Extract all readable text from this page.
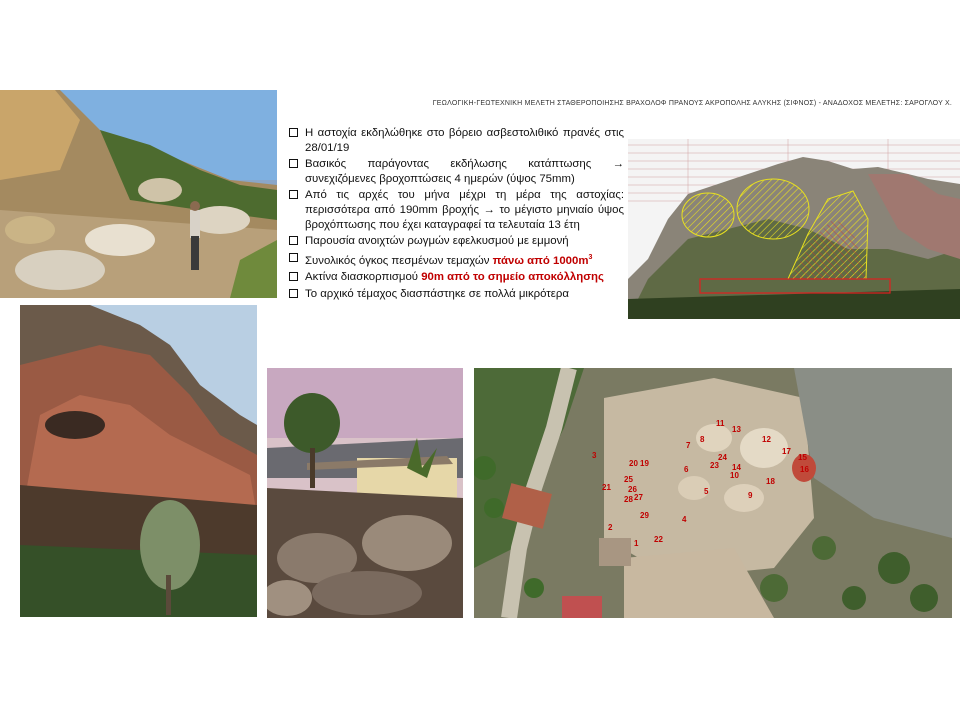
ΓΕΩΛΟΓΙΚΗ-ΓΕΩΤΕΧΝΙΚΗ ΜΕΛΕΤΗ ΣΤΑΘΕΡΟΠΟΙΗΣΗΣ ΒΡΑΧΟΛΟΦ ΠΡΑΝΟΥΣ ΑΚΡΟΠΟΛΗΣ ΑΛΥΚΗΣ (ΣΙΦΝΟΣ) - ΑΝΑΔΟΧΟΣ ΜΕΛΕΤΗΣ: ΣΑΡΟΓΛΟΥ Χ.
Η αστοχία εκδηλώθηκε στο βόρειο ασβεστολιθικό πρανές στις 28/01/19
Βασικός παράγοντας εκδήλωσης κατάπτωσης → συνεχιζόμενες βροχοπτώσεις 4 ημερών (ύψος 75mm)
Από τις αρχές του μήνα μέχρι τη μέρα της αστοχίας: περισσότερα από 190mm βροχής → το μέγιστο μηνιαίο ύψος βροχόπτωσης που έχει καταγραφεί τα τελευταία 13 έτη
Παρουσία ανοιχτών ρωγμών εφελκυσμού με εμμονή
Συνολικός όγκος πεσμένων τεμαχών πάνω από $1000m^3$
Ακτίνα διασκορπισμού 90m από το σημείο αποκόλλησης
Το αρχικό τέμαχος διασπάστηκε σε πολλά μικρότερα
1
2
3
4
5
6
7
8
9
10
11
12
13
14
15
16
17
18
19
20
21
22
23
24
25
26
27
28
29
